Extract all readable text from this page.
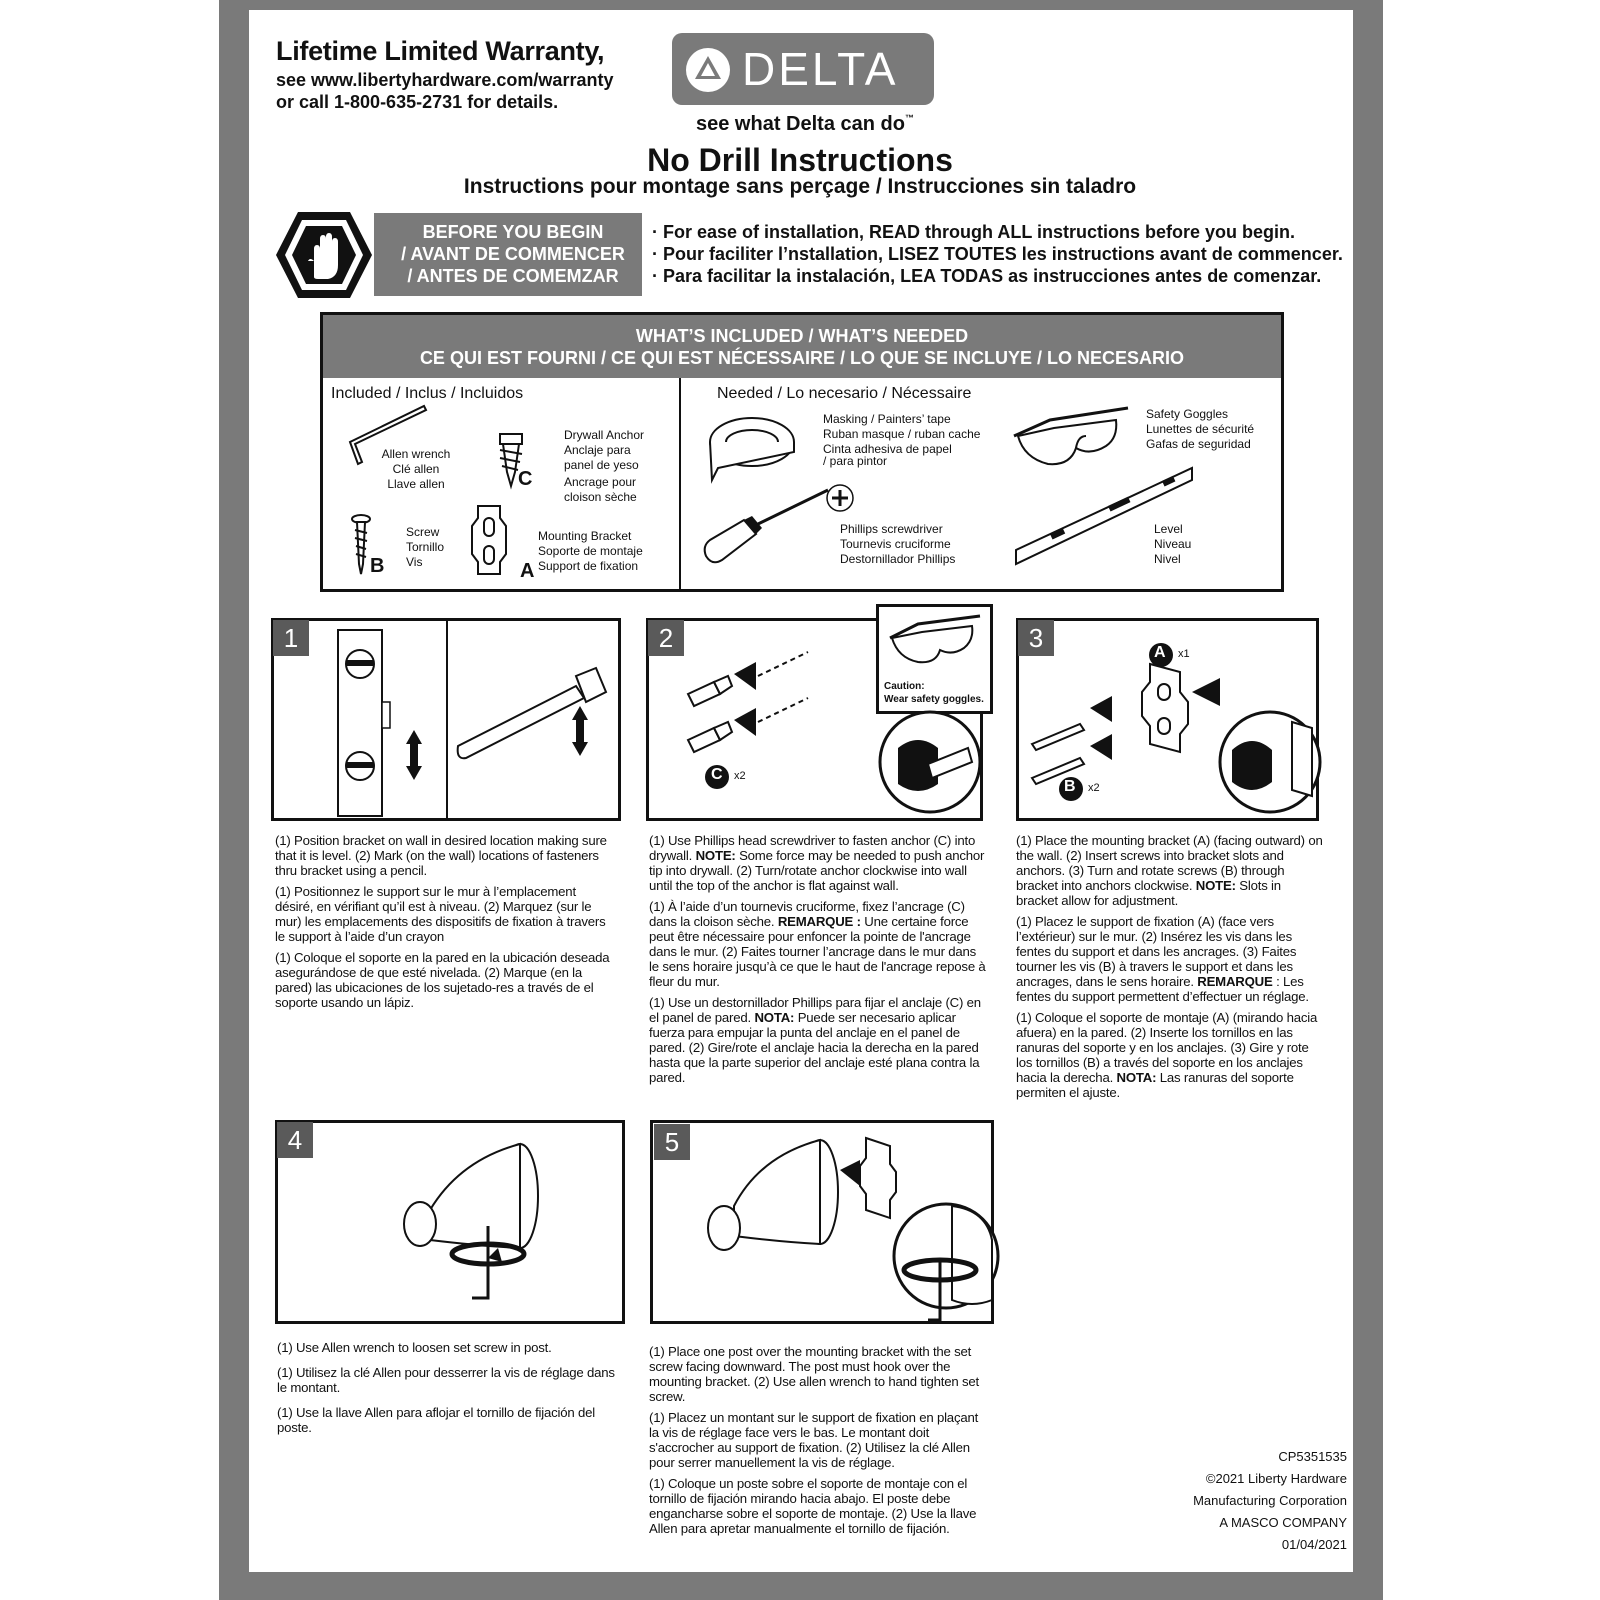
Lifetime Limited Warranty,
see www.libertyhardware.com/warranty
or call 1-800-635-2731 for details.
DELTA
see what Delta can do™
No Drill Instructions
Instructions pour montage sans perçage / Instrucciones sin taladro
BEFORE YOU BEGIN
/ AVANT DE COMMENCER
/ ANTES DE COMEMZAR
· For ease of installation, READ through ALL instructions before you begin.
· Pour faciliter l’nstallation, LISEZ TOUTES les instructions avant de commencer.
· Para facilitar la instalación, LEA TODAS as instrucciones antes de comenzar.
WHAT’S INCLUDED / WHAT’S NEEDED
CE QUI EST FOURNI / CE QUI EST NÉCESSAIRE / LO QUE SE INCLUYE / LO NECESARIO
Included / Inclus / Incluidos	Needed / Lo necesario / Nécessaire
Allen wrench
Clé allen
Llave allen	C
Drywall Anchor
Anclaje para
panel de yeso
Ancrage pour
cloison sèche
B
Screw
Tornillo
Vis	A
Mounting Bracket
Soporte de montaje
Support de fixation
Masking / Painters’ tape
Ruban masque / ruban cache
Cinta adhesiva de papel
/ para pintor
Safety Goggles
Lunettes de sécurité
Gafas de seguridad
Phillips screwdriver
Tournevis cruciforme
Destornillador Phillips
Level
Niveau
Nivel
1
(1) Position bracket on wall in desired location making sure that it is level. (2) Mark (on the wall) locations of fasteners thru bracket using a pencil.
(1) Positionnez le support sur le mur à l’emplacement désiré, en vérifiant qu’il est à niveau. (2) Marquez (sur le mur) les emplacements des dispositifs de fixation à travers le support à l’aide d’un crayon
(1) Coloque el soporte en la pared en la ubicación deseada asegurándose de que esté nivelada. (2) Marque (en la pared) las ubicaciones de los sujetado-res a través de el soporte usando un lápiz.
2
Caution:
Wear safety goggles.
C x2
(1) Use Phillips head screwdriver to fasten anchor (C) into drywall. NOTE: Some force may be needed to push anchor tip into drywall. (2) Turn/rotate anchor clockwise into wall until the top of the anchor is flat against wall.
(1) À l’aide d’un tournevis cruciforme, fixez l’ancrage (C) dans la cloison sèche. REMARQUE : Une certaine force peut être nécessaire pour enfoncer la pointe de l'ancrage dans le mur. (2) Faites tourner l’ancrage dans le mur dans le sens horaire jusqu’à ce que le haut de l'ancrage repose à fleur du mur.
(1) Use un destornillador Phillips para fijar el anclaje (C) en el panel de pared. NOTA: Puede ser necesario aplicar fuerza para empujar la punta del anclaje en el panel de pared. (2) Gire/rote el anclaje hacia la derecha en la pared hasta que la parte superior del anclaje esté plana contra la pared.
3	A x1
B x2
(1) Place the mounting bracket (A) (facing outward) on the wall. (2) Insert screws into bracket slots and anchors. (3) Turn and rotate screws (B) through bracket into anchors clockwise. NOTE: Slots in bracket allow for adjustment.
(1) Placez le support de fixation (A) (face vers l’extérieur) sur le mur. (2) Insérez les vis dans les fentes du support et dans les ancrages. (3) Faites tourner les vis (B) à travers le support et dans les ancrages, dans le sens horaire. REMARQUE : Les fentes du support permettent d’effectuer un réglage.
(1) Coloque el soporte de montaje (A) (mirando hacia afuera) en la pared. (2) Inserte los tornillos en las ranuras del soporte y en los anclajes. (3) Gire y rote los tornillos (B) a través del soporte en los anclajes hacia la derecha. NOTA: Las ranuras del soporte permiten el ajuste.
4
(1) Use Allen wrench to loosen set screw in post.
(1) Utilisez la clé Allen pour desserrer la vis de réglage dans le montant.
(1) Use la llave Allen para aflojar el tornillo de fijación del poste.
5
(1) Place one post over the mounting bracket with the set screw facing downward. The post must hook over the mounting bracket. (2) Use allen wrench to hand tighten set screw.
(1) Placez un montant sur le support de fixation en plaçant la vis de réglage face vers le bas. Le montant doit s'accrocher au support de fixation. (2) Utilisez la clé Allen pour serrer manuellement la vis de réglage.
(1) Coloque un poste sobre el soporte de montaje con el tornillo de fijación mirando hacia abajo. El poste debe engancharse sobre el soporte de montaje. (2) Use la llave Allen para apretar manualmente el tornillo de fijación.
CP5351535
©2021 Liberty Hardware
Manufacturing Corporation
A MASCO COMPANY
01/04/2021
